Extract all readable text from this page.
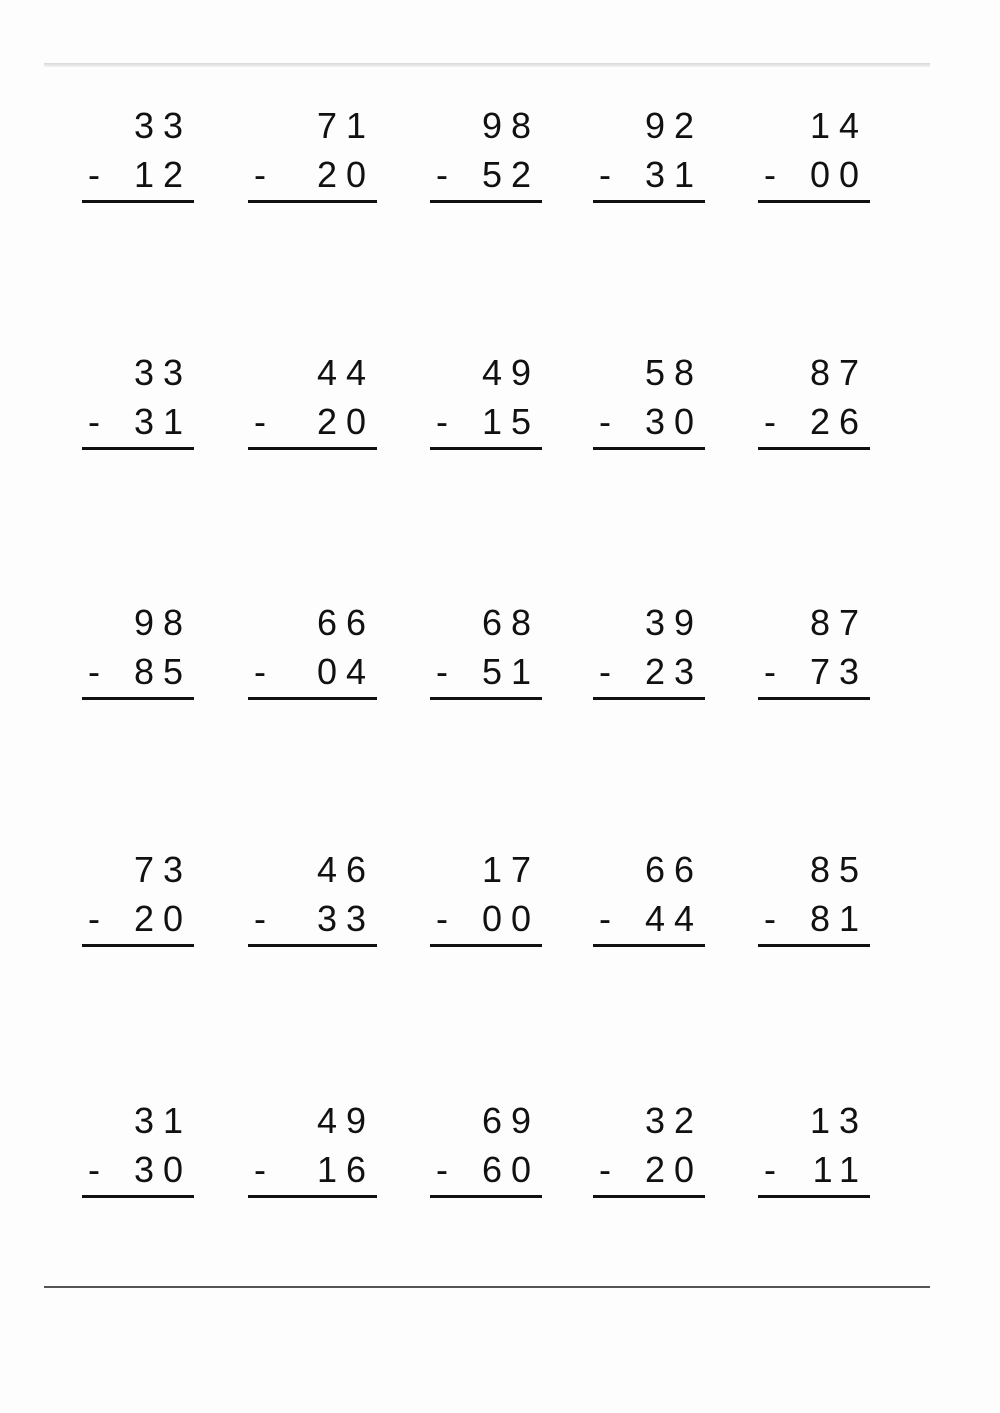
33
- 12
71
- 20
98
- 52
92
- 31
14
- 00
33
- 31
44
- 20
49
- 15
58
- 30
87
- 26
98
- 85
66
- 04
68
- 51
39
- 23
87
- 73
73
- 20
46
- 33
17
- 00
66
- 44
85
- 81
31
- 30
49
- 16
69
- 60
32
- 20
13
- 11
